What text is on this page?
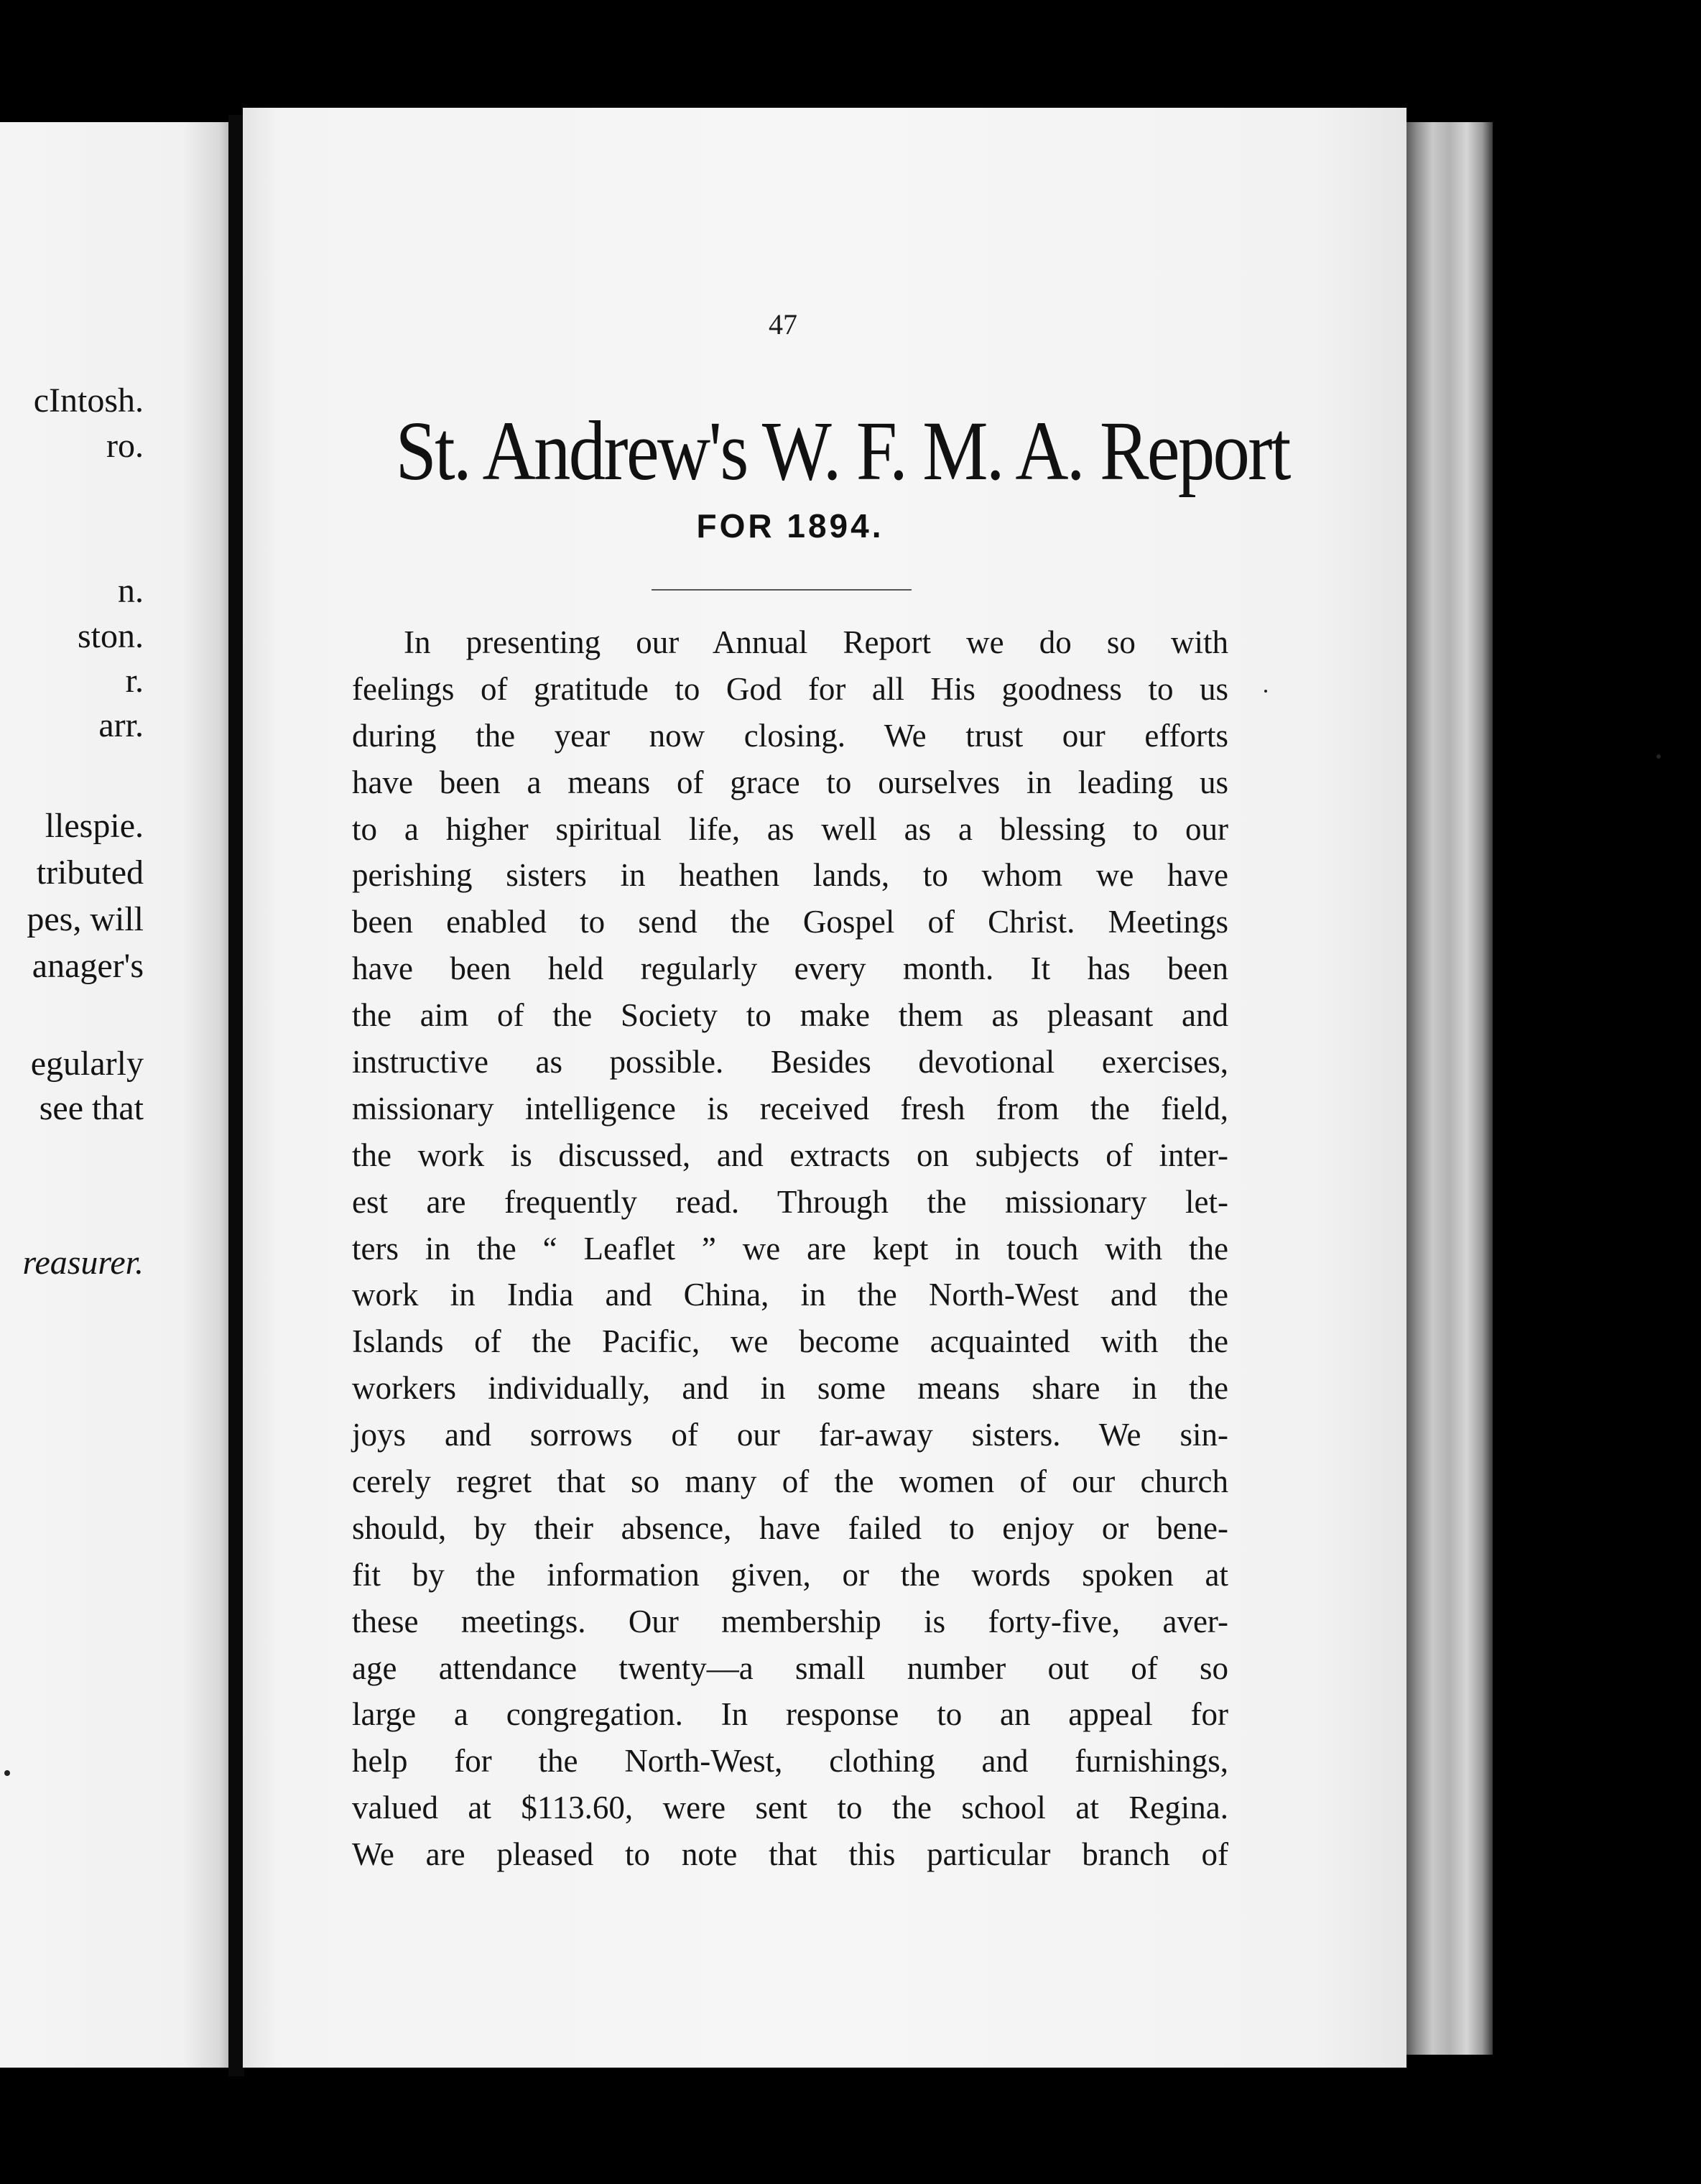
cIntosh.
ro.
n.
ston.
r.
arr.
llespie.
tributed
pes, will
anager's
egularly
see that
reasurer.
47
St. Andrew's W. F. M. A. Report
FOR 1894.
In presenting our Annual Report we do so with
feelings of gratitude to God for all His goodness to us
during the year now closing. We trust our efforts
have been a means of grace to ourselves in leading us
to a higher spiritual life, as well as a blessing to our
perishing sisters in heathen lands, to whom we have
been enabled to send the Gospel of Christ. Meetings
have been held regularly every month. It has been
the aim of the Society to make them as pleasant and
instructive as possible. Besides devotional exercises,
missionary intelligence is received fresh from the field,
the work is discussed, and extracts on subjects of inter-
est are frequently read. Through the missionary let-
ters in the “ Leaflet ” we are kept in touch with the
work in India and China, in the North-West and the
Islands of the Pacific, we become acquainted with the
workers individually, and in some means share in the
joys and sorrows of our far-away sisters. We sin-
cerely regret that so many of the women of our church
should, by their absence, have failed to enjoy or bene-
fit by the information given, or the words spoken at
these meetings. Our membership is forty-five, aver-
age attendance twenty—a small number out of so
large a congregation. In response to an appeal for
help for the North-West, clothing and furnishings,
valued at $113.60, were sent to the school at Regina.
We are pleased to note that this particular branch of
